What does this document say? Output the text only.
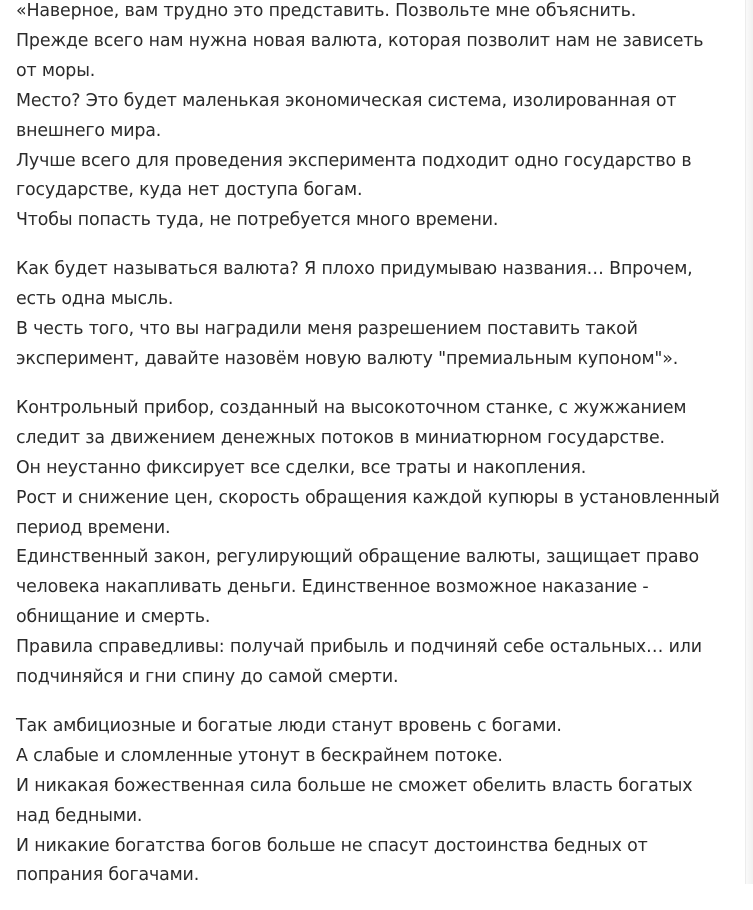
«Наверное, вам трудно это представить. Позвольте мне объяснить.
Прежде всего нам нужна новая валюта, которая позволит нам не зависеть от моры.
Место? Это будет маленькая экономическая система, изолированная от внешнего мира.
Лучше всего для проведения эксперимента подходит одно государство в государстве, куда нет доступа богам.
Чтобы попасть туда, не потребуется много времени.
Как будет называться валюта? Я плохо придумываю названия… Впрочем, есть одна мысль.
В честь того, что вы наградили меня разрешением поставить такой эксперимент, давайте назовём новую валюту "премиальным купоном"».
Контрольный прибор, созданный на высокоточном станке, с жужжанием следит за движением денежных потоков в миниатюрном государстве.
Он неустанно фиксирует все сделки, все траты и накопления.
Рост и снижение цен, скорость обращения каждой купюры в установленный период времени.
Единственный закон, регулирующий обращение валюты, защищает право человека накапливать деньги. Единственное возможное наказание - обнищание и смерть.
Правила справедливы: получай прибыль и подчиняй себе остальных… или подчиняйся и гни спину до самой смерти.
Так амбициозные и богатые люди станут вровень с богами.
А слабые и сломленные утонут в бескрайнем потоке.
И никакая божественная сила больше не сможет обелить власть богатых над бедными.
И никакие богатства богов больше не спасут достоинства бедных от попрания богачами.
